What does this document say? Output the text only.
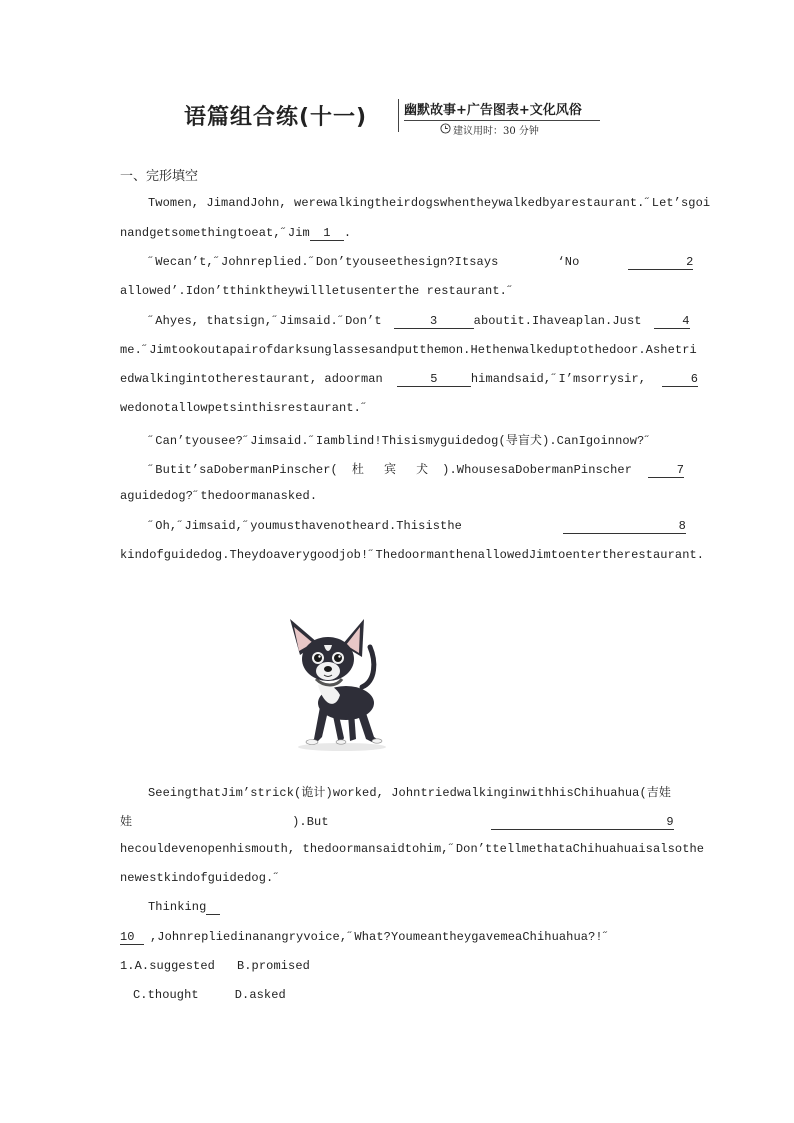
语篇组合练(十一)	幽默故事+广告图表+文化风俗
建议用时：30 分钟
一、完形填空
Twomen, JimandJohn, werewalkingtheirdogswhentheywalkedbyarestaurant.˝Let’sgoi
nandgetsomethingtoeat,˝Jim 1 .
˝Wecan’t,˝Johnreplied.˝Don’tyouseethesign?Itsays	‘No	2
allowed’.Idon’tthinktheywillletusenterthe restaurant.˝
˝Ahyes, thatsign,˝Jimsaid.˝Don’t	3	aboutit.Ihaveaplan.Just	4
me.˝Jimtookoutapairofdarksunglassesandputthemon.Hethenwalkeduptothedoor.Ashetri
edwalkingintotherestaurant, adoorman	5	himandsaid,˝I’msorrysir,	6
wedonotallowpetsinthisrestaurant.˝
˝Can’tyousee?˝Jimsaid.˝Iamblind!Thisismyguidedog(导盲犬).CanIgoinnow?˝
˝Butit’saDobermanPinscher( 杜 宾 犬 ).WhousesaDobermanPinscher	7
aguidedog?˝thedoormanasked.
˝Oh,˝Jimsaid,˝youmusthavenotheard.Thisisthe	8
kindofguidedog.Theydoaverygoodjob!˝ThedoormanthenallowedJimtoentertherestaurant.
SeeingthatJim’strick(诡计)worked, JohntriedwalkinginwithhisChihuahua(吉娃
娃	).But	9
hecouldevenopenhismouth, thedoormansaidtohim,˝Don’ttellmethataChihuahuaisalsothe
newestkindofguidedog.˝
Thinking
10 ,Johnrepliedinanangryvoice,˝What?YoumeantheygavemeaChihuahua?!˝
1.A.suggested B.promised
C.thought	D.asked
